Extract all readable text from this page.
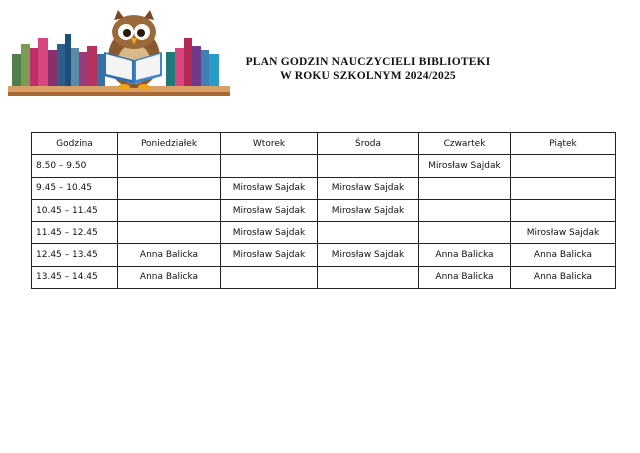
PLAN GODZIN NAUCZYCIELI BIBLIOTEKI
W ROKU SZKOLNYM 2024/2025
Godzina	Poniedziałek	Wtorek	Środa	Czwartek	Piątek
8.50 – 9.50				Mirosław Sajdak	
9.45 – 10.45		Mirosław Sajdak	Mirosław Sajdak		
10.45 – 11.45		Mirosław Sajdak	Mirosław Sajdak		
11.45 – 12.45		Mirosław Sajdak			Mirosław Sajdak
12.45 – 13.45	Anna Balicka	Mirosław Sajdak	Mirosław Sajdak	Anna Balicka	Anna Balicka
13.45 – 14.45	Anna Balicka			Anna Balicka	Anna Balicka
